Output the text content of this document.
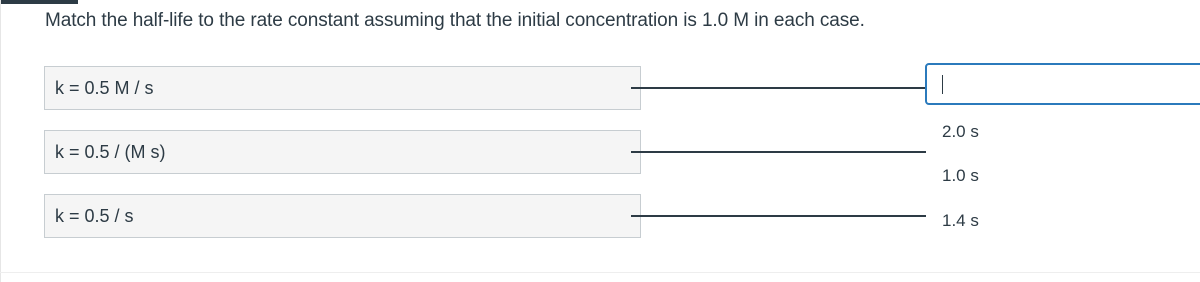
Match the half-life to the rate constant assuming that the initial concentration is 1.0 M in each case.
k = 0.5 M / s
k = 0.5 / (M s)
k = 0.5 / s
2.0 s
1.0 s
1.4 s
